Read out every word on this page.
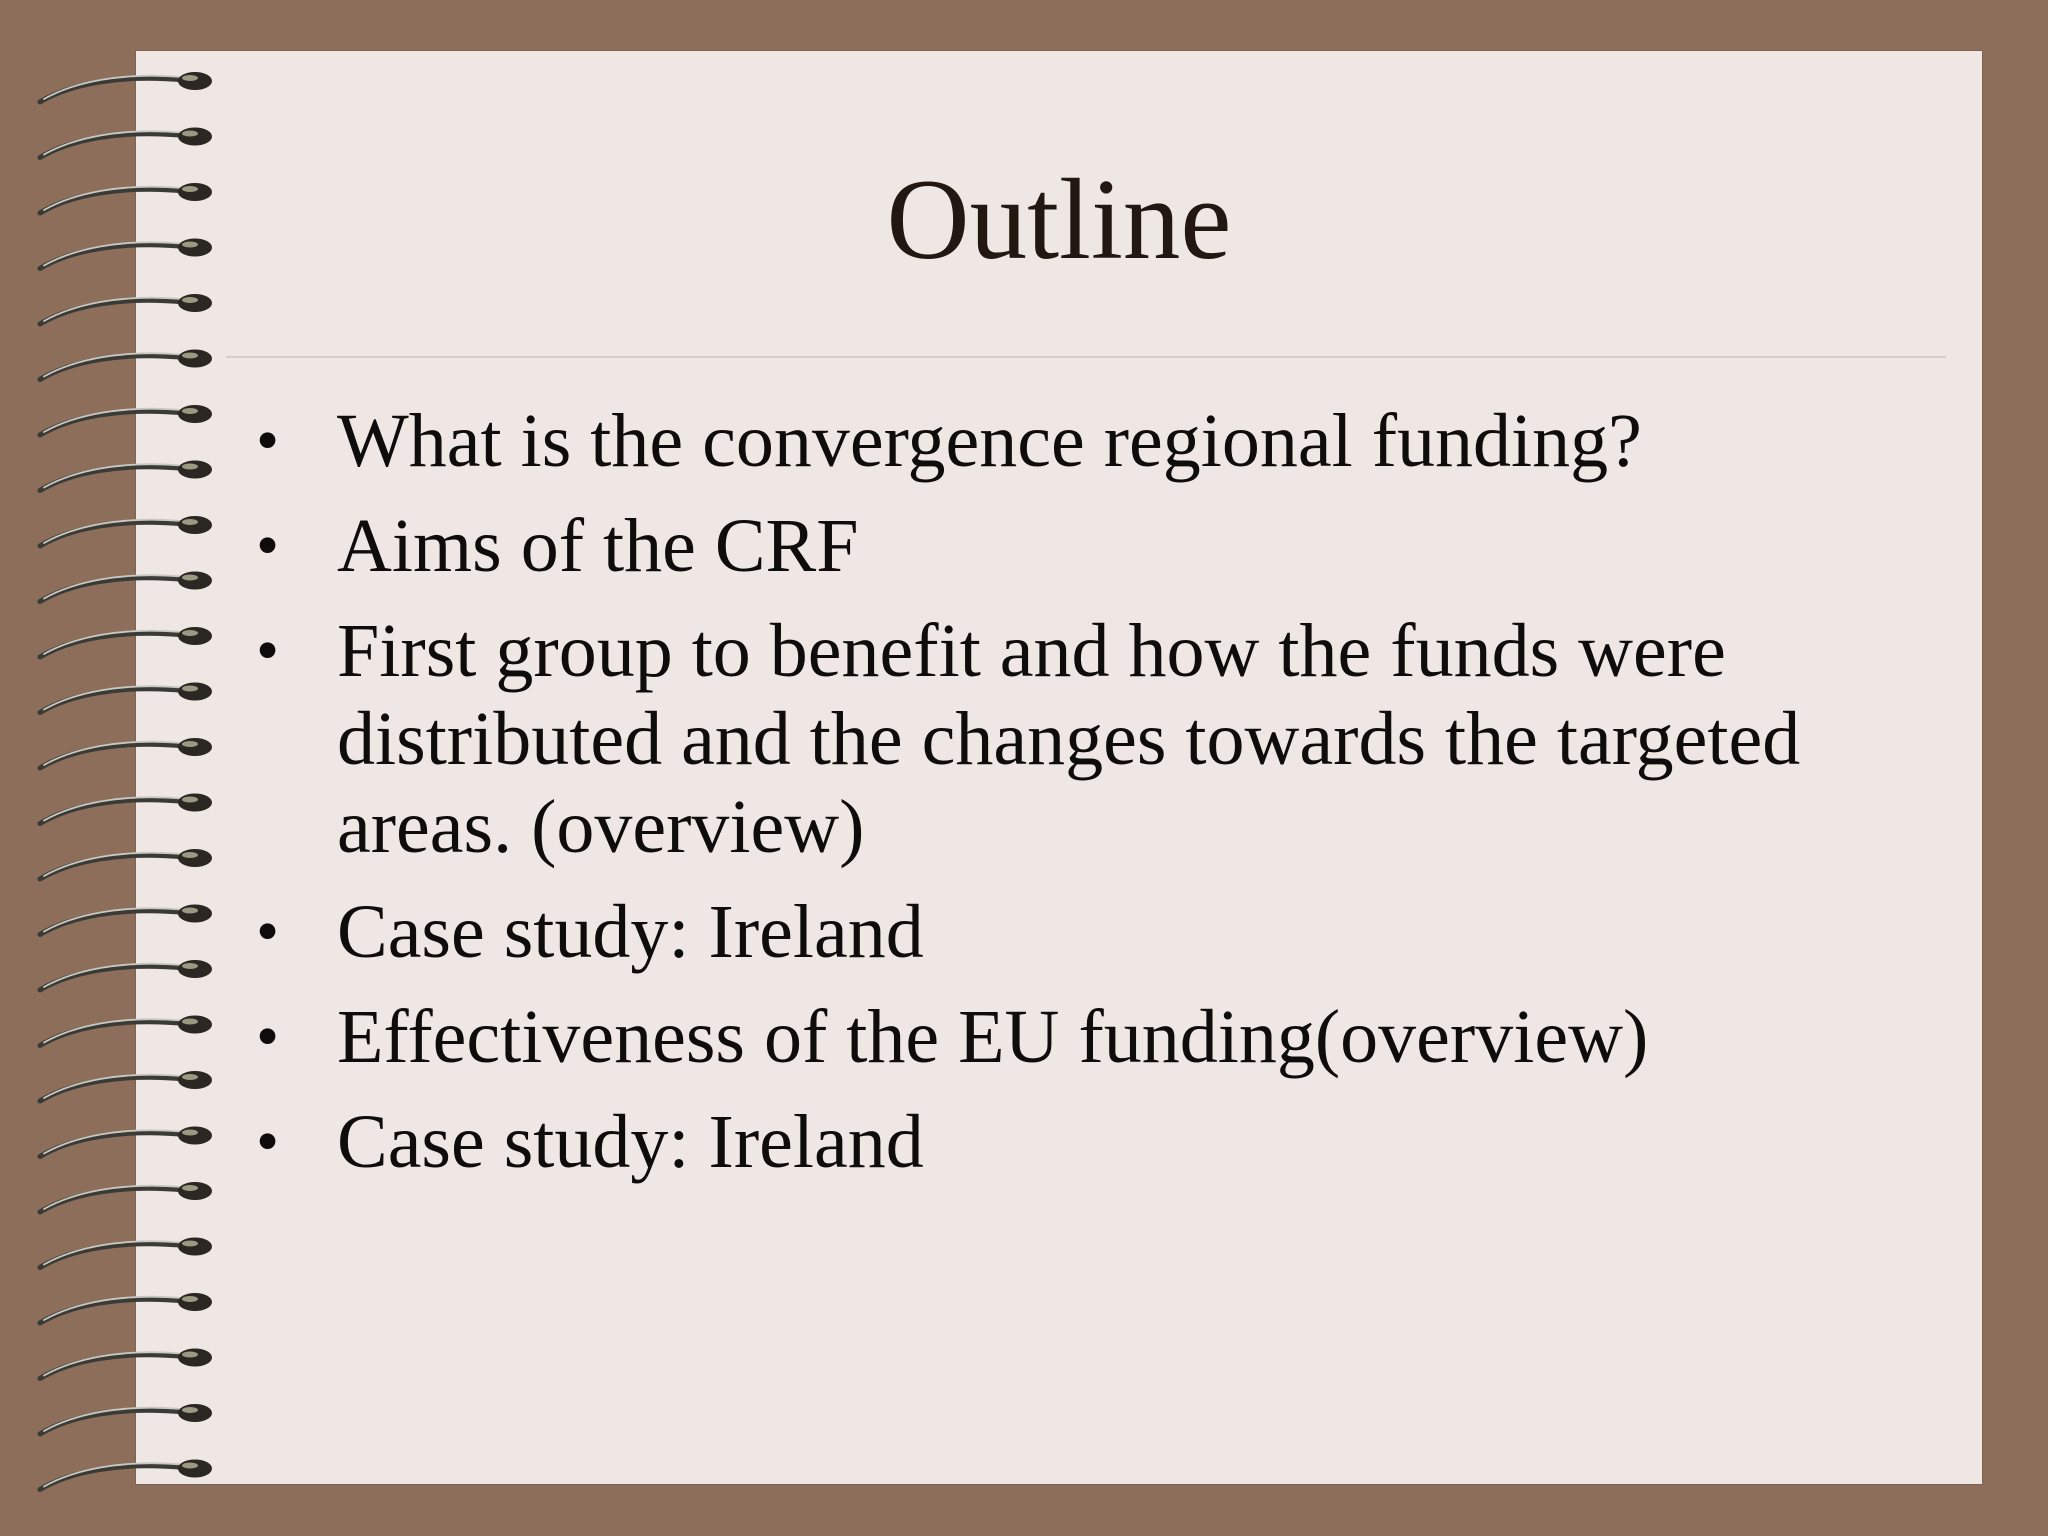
Outline
• What is the convergence regional funding?
• Aims of the CRF
• First group to benefit and how the funds were distributed and the changes towards the targeted areas. (overview)
• Case study: Ireland
• Effectiveness of the EU funding(overview)
• Case study: Ireland
